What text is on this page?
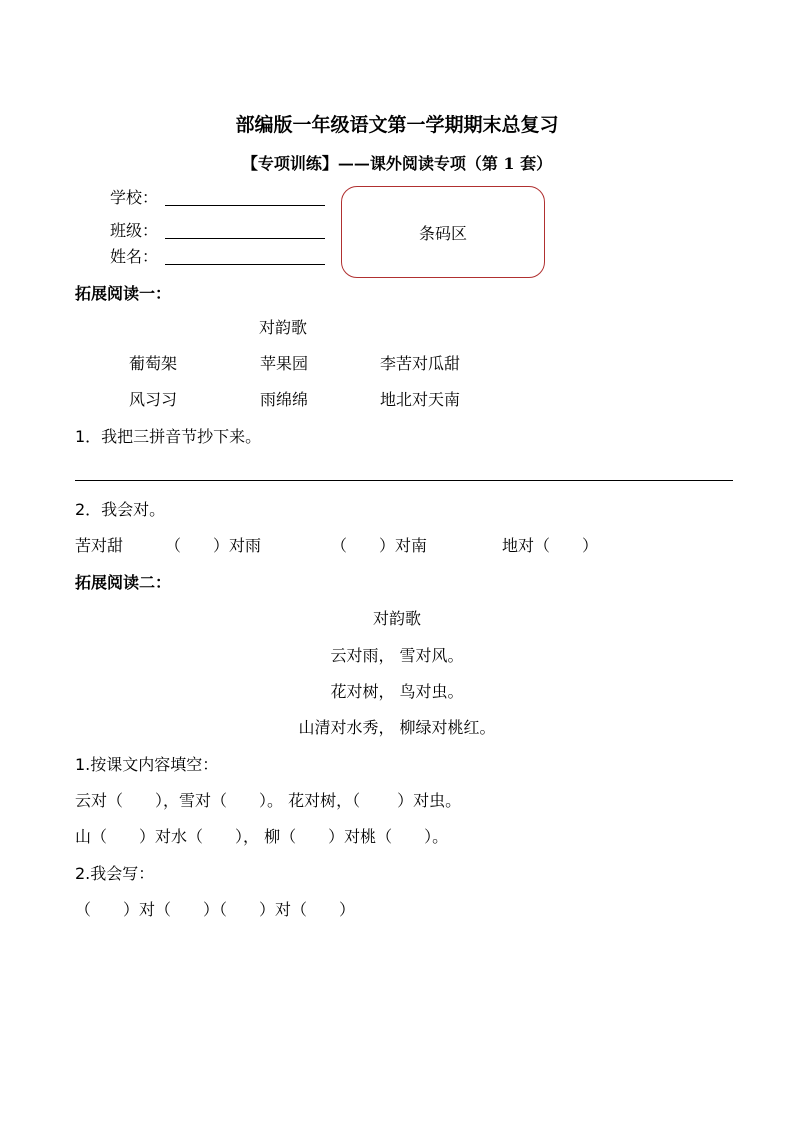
部编版一年级语文第一学期期末总复习
【专项训练】——课外阅读专项（第 1 套）
学校：
班级：
姓名：
条码区
拓展阅读一：
对韵歌
葡萄架	苹果园	李苦对瓜甜
风习习	雨绵绵	地北对天南
1．我把三拼音节抄下来。
2．我会对。
苦对甜	（　　）对雨	（　　）对南	地对（　　）
拓展阅读二：
对韵歌
云对雨， 雪对风。
花对树， 鸟对虫。
山清对水秀， 柳绿对桃红。
1.按课文内容填空：
云对（　　），雪对（　　）。 花对树，（　　 ）对虫。
山（　　）对水（　　）， 柳（　　）对桃（　　）。
2.我会写：
（　　）对（　　）（　　）对（　　）
